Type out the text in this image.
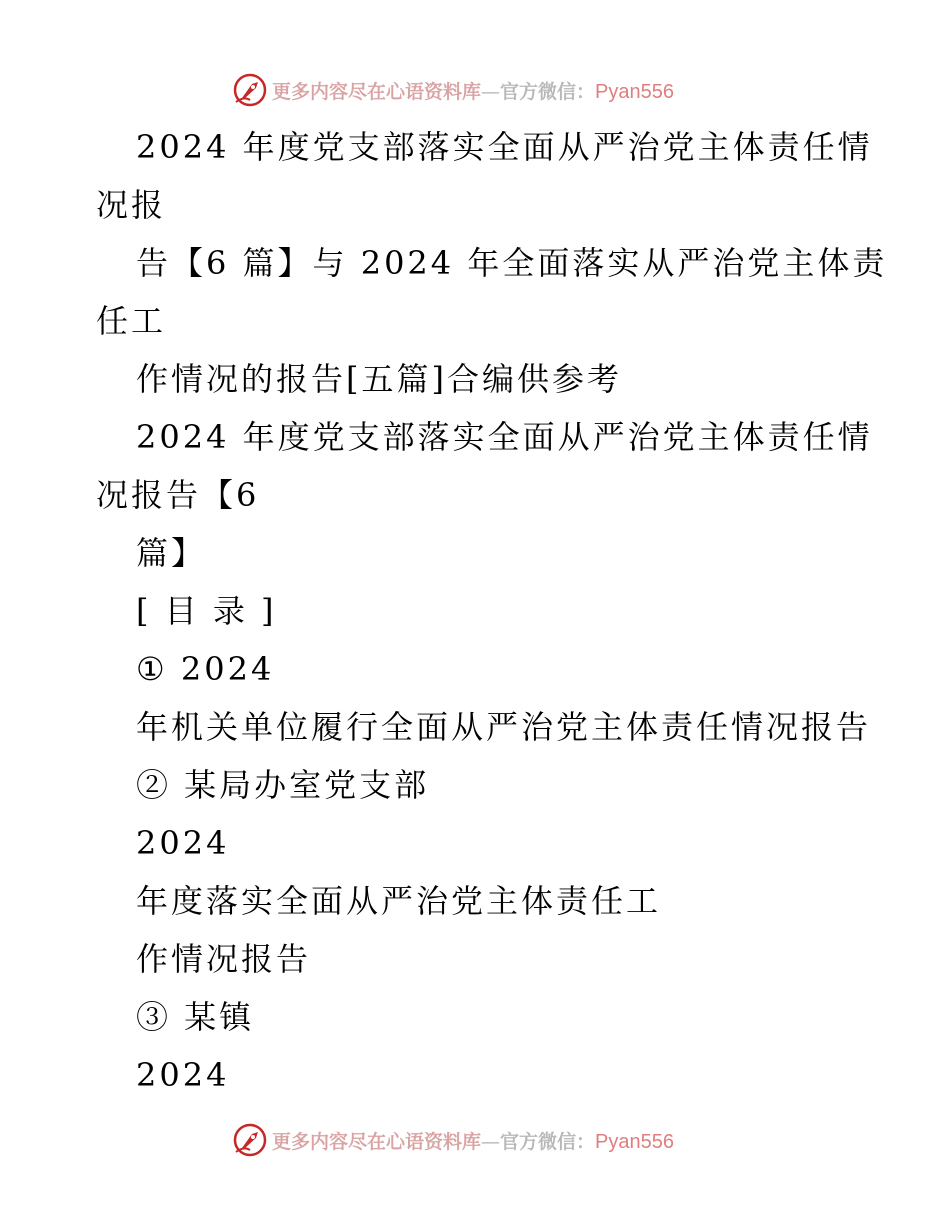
更多内容尽在心语资料库—官方微信：Pyan556
2024 年度党支部落实全面从严治党主体责任情
况报
告【6 篇】与 2024 年全面落实从严治党主体责
任工
作情况的报告[五篇]合编供参考
2024 年度党支部落实全面从严治党主体责任情
况报告【6
篇】
[ 目 录 ]
① 2024
年机关单位履行全面从严治党主体责任情况报告
② 某局办室党支部
2024
年度落实全面从严治党主体责任工
作情况报告
③ 某镇
2024
更多内容尽在心语资料库—官方微信：Pyan556
